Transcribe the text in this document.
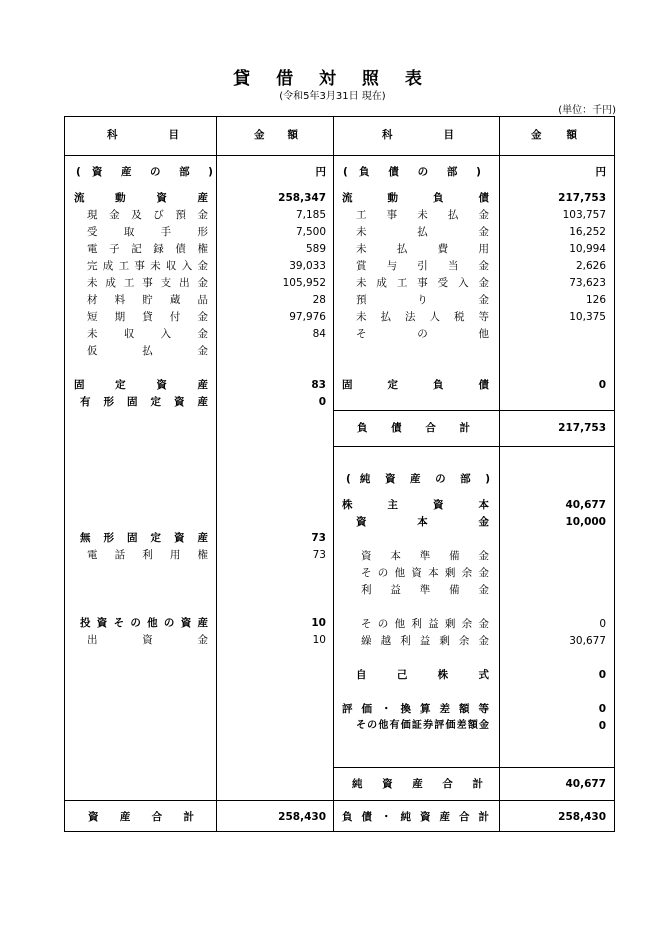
貸 借 対 照 表
(令和5年3月31日 現在)
(単位：千円)
科 目	金 額	科 目	金 額
( 資 産 の 部 )	円
流動資産	258,347
現金及び預金	7,185
受取手形	7,500
電子記録債権	589
完成工事未収入金	39,033
未成工事支出金	105,952
材料貯蔵品	28
短期貸付金	97,976
未収入金	84
仮払金
固定資産	83
有形固定資産	0
無形固定資産	73
電話利用権	73
投資その他の資産	10
出資金	10
資産合計	258,430
( 負 債 の 部 )	円
流動負債	217,753
工事未払金	103,757
未払金	16,252
未払費用	10,994
賞与引当金	2,626
未成工事受入金	73,623
預り金	126
未払法人税等	10,375
その他
固定負債	0
負債合計	217,753
( 純 資 産 の 部 )
株主資本	40,677
資本金	10,000
資本準備金
その他資本剰余金
利益準備金
その他利益剰余金	0
繰越利益剰余金	30,677
自己株式	0
評価・換算差額等	0
その他有価証券評価差額金	0
純資産合計	40,677
負債・純資産合計	258,430
